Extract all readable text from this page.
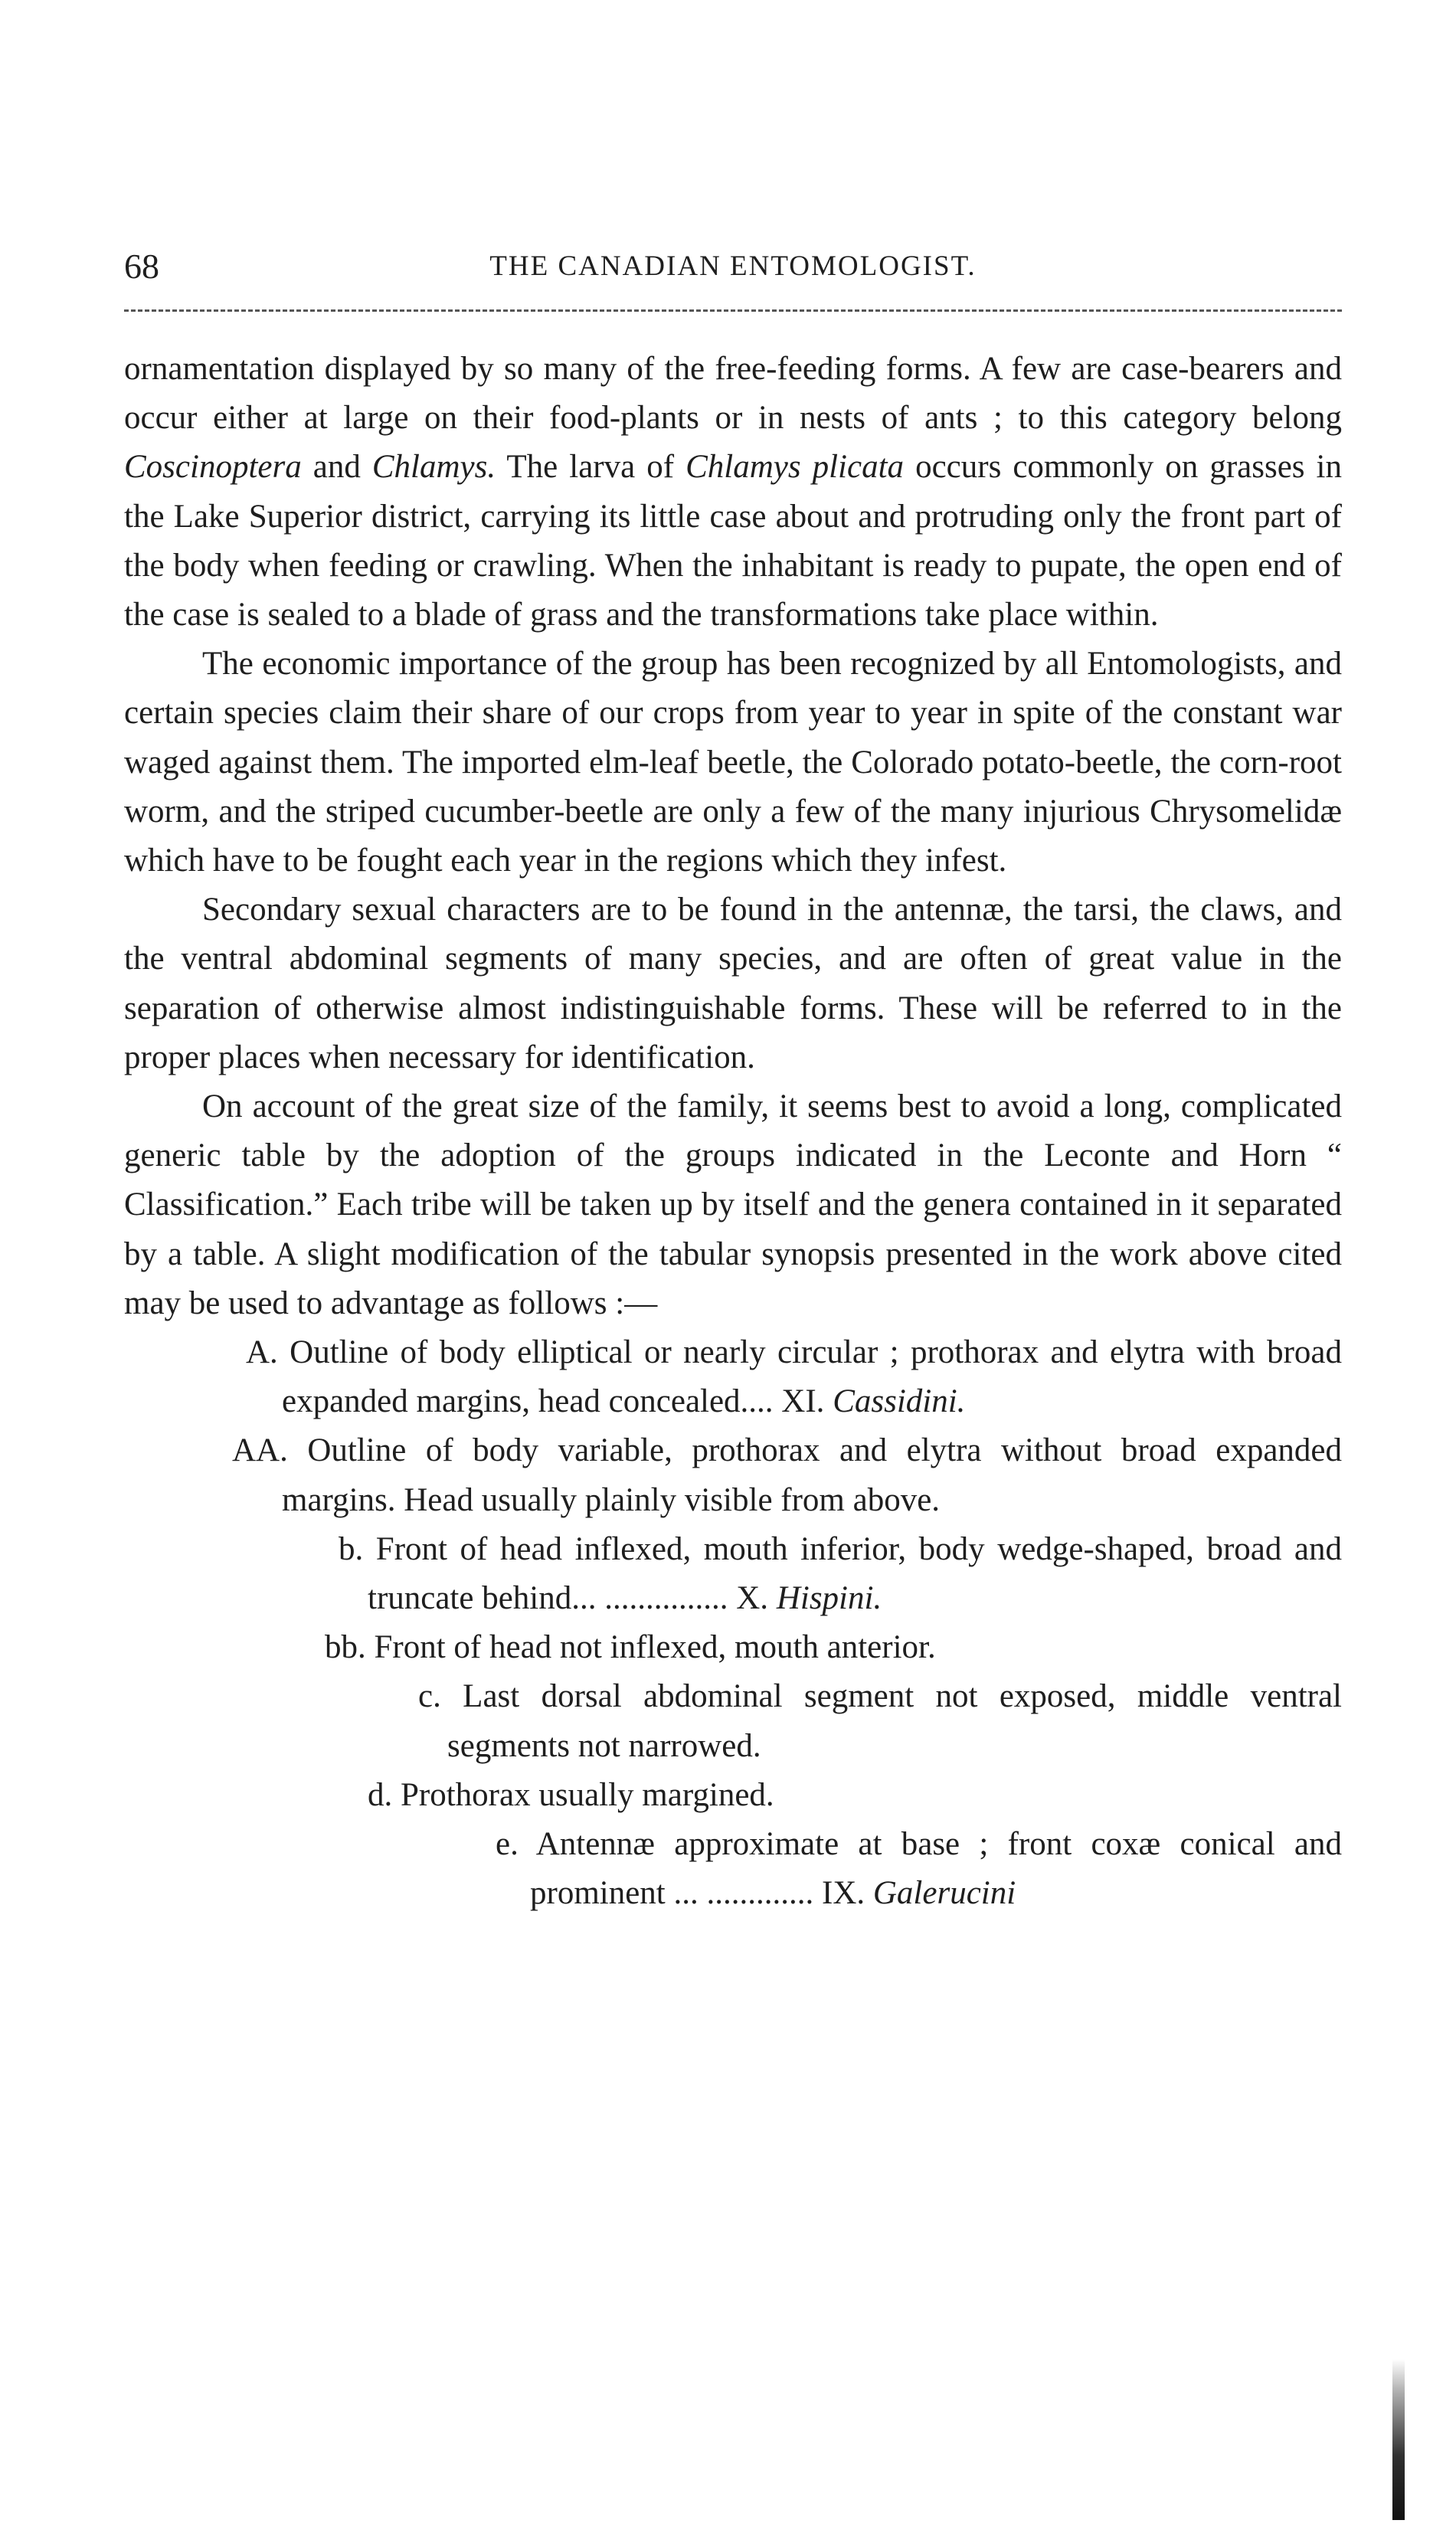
68	THE CANADIAN ENTOMOLOGIST.

ornamentation displayed by so many of the free-feeding forms. A few are case-bearers and occur either at large on their food-plants or in nests of ants ; to this category belong Coscinoptera and Chlamys. The larva of Chlamys plicata occurs commonly on grasses in the Lake Superior district, carrying its little case about and protruding only the front part of the body when feeding or crawling. When the inhabitant is ready to pupate, the open end of the case is sealed to a blade of grass and the transformations take place within.

The economic importance of the group has been recognized by all Entomologists, and certain species claim their share of our crops from year to year in spite of the constant war waged against them. The imported elm-leaf beetle, the Colorado potato-beetle, the corn-root worm, and the striped cucumber-beetle are only a few of the many injurious Chrysomelidæ which have to be fought each year in the regions which they infest.

Secondary sexual characters are to be found in the antennæ, the tarsi, the claws, and the ventral abdominal segments of many species, and are often of great value in the separation of otherwise almost indistinguishable forms. These will be referred to in the proper places when necessary for identification.

On account of the great size of the family, it seems best to avoid a long, complicated generic table by the adoption of the groups indicated in the Leconte and Horn “ Classification.” Each tribe will be taken up by itself and the genera contained in it separated by a table. A slight modification of the tabular synopsis presented in the work above cited may be used to advantage as follows :—

A. Outline of body elliptical or nearly circular ; prothorax and elytra with broad expanded margins, head concealed.... XI. Cassidini.

AA. Outline of body variable, prothorax and elytra without broad expanded margins. Head usually plainly visible from above.

b. Front of head inflexed, mouth inferior, body wedge-shaped, broad and truncate behind... ............... X. Hispini.

bb. Front of head not inflexed, mouth anterior.

c. Last dorsal abdominal segment not exposed, middle ventral segments not narrowed.

d. Prothorax usually margined.

e. Antennæ approximate at base ; front coxæ conical and prominent ... ............. IX. Galerucini
